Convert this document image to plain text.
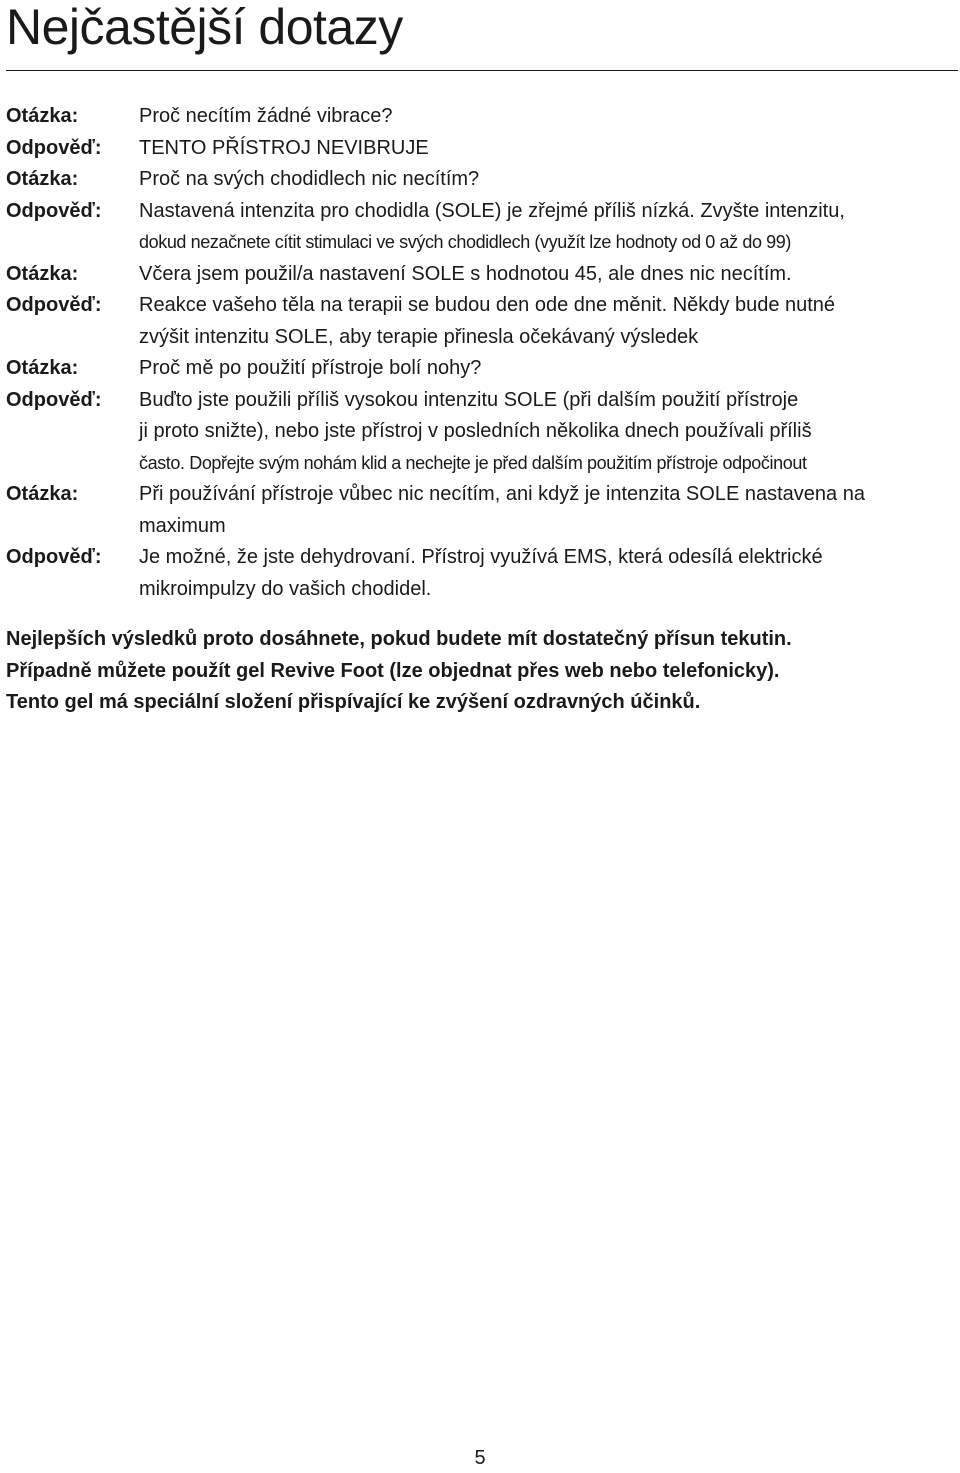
Nejčastější dotazy
Otázka:	Proč necítím žádné vibrace?
Odpověď:	TENTO PŘÍSTROJ NEVIBRUJE
Otázka:	Proč na svých chodidlech nic necítím?
Odpověď:	Nastavená intenzita pro chodidla (SOLE) je zřejmé příliš nízká. Zvyšte intenzitu,
dokud nezačnete cítit stimulaci ve svých chodidlech (využít lze hodnoty od 0 až do 99)
Otázka:	Včera jsem použil/a nastavení SOLE s hodnotou 45, ale dnes nic necítím.
Odpověď:	Reakce vašeho těla na terapii se budou den ode dne měnit. Někdy bude nutné
zvýšit intenzitu SOLE, aby terapie přinesla očekávaný výsledek
Otázka:	Proč mě po použití přístroje bolí nohy?
Odpověď:	Buďto jste použili příliš vysokou intenzitu SOLE (při dalším použití přístroje
ji proto snižte), nebo jste přístroj v posledních několika dnech používali příliš
často. Dopřejte svým nohám klid a nechejte je před dalším použitím přístroje odpočinout
Otázka:	Při používání přístroje vůbec nic necítím, ani když je intenzita SOLE nastavena na
maximum
Odpověď:	Je možné, že jste dehydrovaní. Přístroj využívá EMS, která odesílá elektrické
mikroimpulzy do vašich chodidel.
Nejlepších výsledků proto dosáhnete, pokud budete mít dostatečný přísun tekutin.
Případně můžete použít gel Revive Foot (lze objednat přes web nebo telefonicky).
Tento gel má speciální složení přispívající ke zvýšení ozdravných účinků.
5
